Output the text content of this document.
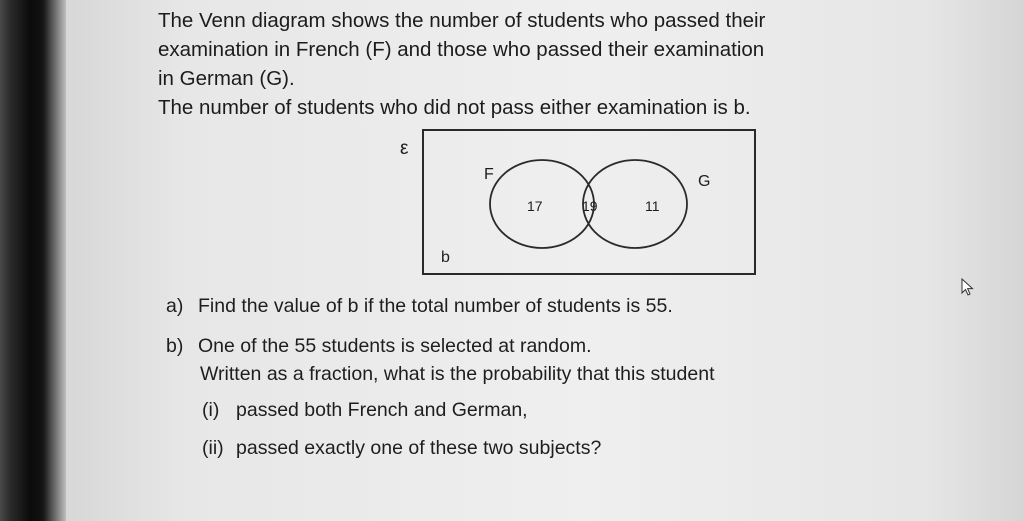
The Venn diagram shows the number of students who passed their
examination in French (F) and those who passed their examination
in German (G).
The number of students who did not pass either examination is b.
ε
F	G
17	19	11
b
a) Find the value of b if the total number of students is 55.
b) One of the 55 students is selected at random.
Written as a fraction, what is the probability that this student
(i) passed both French and German,
(ii) passed exactly one of these two subjects?
